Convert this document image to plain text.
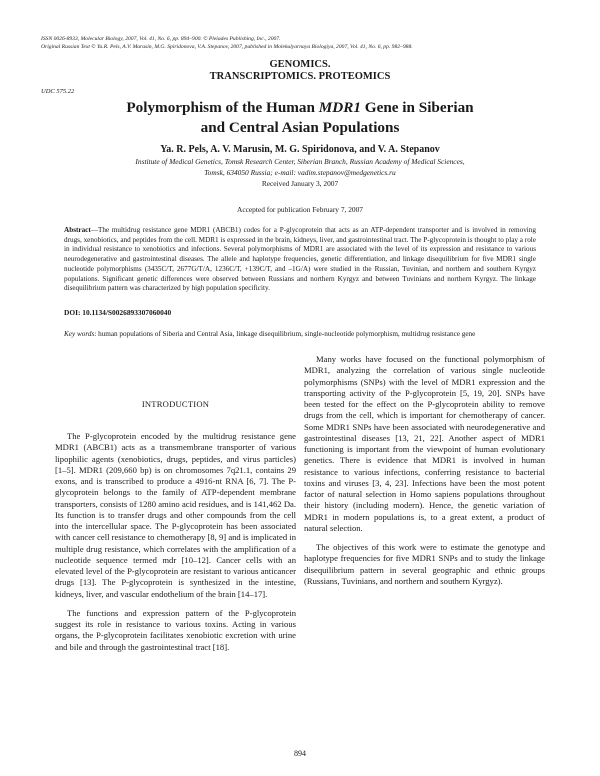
ISSN 0026-8933, Molecular Biology, 2007, Vol. 41, No. 6, pp. 894–900. © Pleiades Publishing, Inc., 2007.
Original Russian Text © Ya.R. Pels, A.V. Marusin, M.G. Spiridonova, V.A. Stepanov, 2007, published in Molekulyarnaya Biologiya, 2007, Vol. 41, No. 6, pp. 982–988.
GENOMICS.
TRANSCRIPTOMICS. PROTEOMICS
UDC 575.22
Polymorphism of the Human MDR1 Gene in Siberian
and Central Asian Populations
Ya. R. Pels, A. V. Marusin, M. G. Spiridonova, and V. A. Stepanov
Institute of Medical Genetics, Tomsk Research Center, Siberian Branch, Russian Academy of Medical Sciences,
Tomsk, 634050 Russia; e-mail: vadim.stepanov@medgenetics.ru
Received January 3, 2007
Accepted for publication February 7, 2007
Abstract—The multidrug resistance gene MDR1 (ABCB1) codes for a P-glycoprotein that acts as an ATP-dependent transporter and is involved in removing drugs, xenobiotics, and peptides from the cell. MDR1 is expressed in the brain, kidneys, liver, and gastrointestinal tract. The P-glycoprotein is thought to play a role in individual resistance to xenobiotics and infections. Several polymorphisms of MDR1 are associated with the level of its expression and resistance to various neurodegenerative and gastrointestinal diseases. The allele and haplotype frequencies, genetic differentiation, and linkage disequilibrium for five MDR1 single nucleotide polymorphisms (3435C/T, 2677G/T/A, 1236C/T, +139C/T, and –1G/A) were studied in the Russian, Tuvinian, and northern and southern Kyrgyz populations. Significant genetic differences were observed between Russians and northern Kyrgyz and between Tuvinians and northern Kyrgyz. The linkage disequilibrium pattern was characterized by high population specificity.
DOI: 10.1134/S0026893307060040
Key words: human populations of Siberia and Central Asia, linkage disequilibrium, single-nucleotide polymorphism, multidrug resistance gene
INTRODUCTION

The P-glycoprotein encoded by the multidrug resistance gene MDR1 (ABCB1) acts as a transmembrane transporter of various lipophilic agents (xenobiotics, drugs, peptides, and virus particles) [1–5]. MDR1 (209,660 bp) is on chromosomes 7q21.1, contains 29 exons, and is transcribed to produce a 4916-nt RNA [6, 7]. The P-glycoprotein belongs to the family of ATP-dependent membrane transporters, consists of 1280 amino acid residues, and is 141,462 Da. Its function is to transfer drugs and other compounds from the cell into the intercellular space. The P-glycoprotein has been associated with cancer cell resistance to chemotherapy [8, 9] and is implicated in multiple drug resistance, which correlates with the amplification of a nucleotide sequence termed mdr [10–12]. Cancer cells with an elevated level of the P-glycoprotein are resistant to various anticancer drugs [13]. The P-glycoprotein is synthesized in the intestine, kidneys, liver, and vascular endothelium of the brain [14–17].

The functions and expression pattern of the P-glycoprotein suggest its role in resistance to various toxins. Acting in various organs, the P-glycoprotein facilitates xenobiotic excretion with urine and bile and through the gastrointestinal tract [18].

Many works have focused on the functional polymorphism of MDR1, analyzing the correlation of various single nucleotide polymorphisms (SNPs) with the level of MDR1 expression and the transporting activity of the P-glycoprotein [5, 19, 20]. SNPs have been tested for the effect on the P-glycoprotein ability to remove drugs from the cell, which is important for chemotherapy of cancer. Some MDR1 SNPs have been associated with neurodegenerative and gastrointestinal diseases [13, 21, 22]. Another aspect of MDR1 functioning is important from the viewpoint of human evolutionary genetics. There is evidence that MDR1 is involved in human resistance to various infections, conferring resistance to bacterial toxins and viruses [3, 4, 23]. Infections have been the most potent factor of natural selection in Homo sapiens populations throughout their history (including modern). Hence, the genetic variation of MDR1 in modern populations is, to a great extent, a product of natural selection.

The objectives of this work were to estimate the genotype and haplotype frequencies for five MDR1 SNPs and to study the linkage disequilibrium pattern in several geographic and ethnic groups (Russians, Tuvinians, and northern and southern Kyrgyz).

894
